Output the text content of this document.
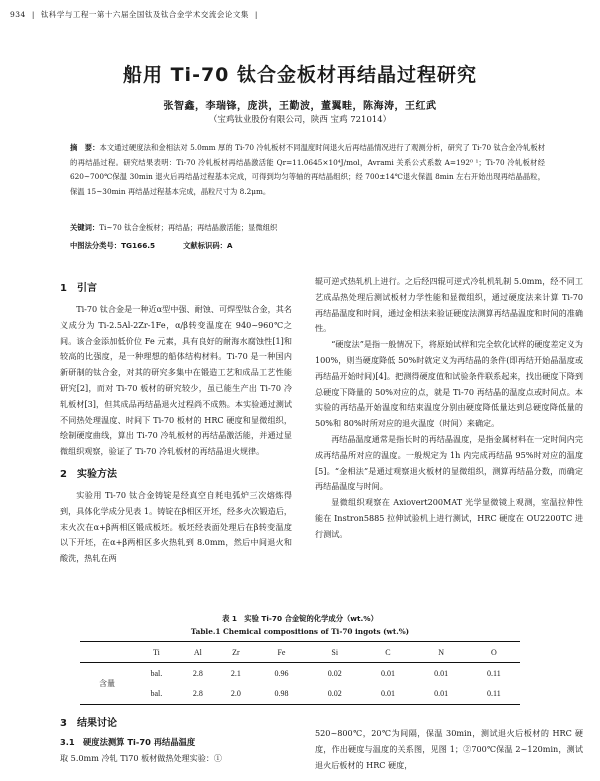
934 | 钛科学与工程一第十六届全国钛及钛合金学术交流会论文集 |
船用 Ti-70 钛合金板材再结晶过程研究
张智鑫，李瑞锋，庞洪，王勤波，董翼畦，陈海涛，王红武
（宝鸡钛业股份有限公司，陕西 宝鸡 721014）
摘　要：本文通过硬度法和金相法对 5.0mm 厚的 Ti-70 冷轧板材不同温度时间退火后再结晶情况进行了观测分析，研究了 Ti-70 钛合金冷轧板材的再结晶过程。研究结果表明：Ti-70 冷轧板材再结晶激活能 Qr=11.0645×10⁴J/mol，Avrami 关系公式系数 A=192⁰ ¹；Ti-70 冷轧板材经 620~700℃保温 30min 退火后再结晶过程基本完成，可得到均匀等轴的再结晶组织；经 700±14℃退火保温 8min 左右开始出现再结晶晶粒，保温 15~30min 再结晶过程基本完成，晶粒尺寸为 8.2μm。
关键词：Ti~70 钛合金板材；再结晶；再结晶激活能；显微组织
中图法分类号：TG166.5	文献标识码：A
1　引言

Ti-70 钛合金是一种近α型中强、耐蚀、可焊型钛合金，其名义成分为 Ti-2.5Al-2Zr-1Fe，α/β转变温度在 940~960℃之间。该合金添加低价位 Fe 元素，具有良好的耐海水腐蚀性[1]和较高的比强度，是一种理想的船体结构材料。Ti-70 是一种国内新研制的钛合金，对其的研究多集中在锻造工艺和成品工艺性能研究[2]，而对 Ti-70 板材的研究较少，虽已能生产出 Ti-70 冷轧板材[3]，但其成品再结晶退火过程尚不成熟。本实验通过测试不同热处理温度、时间下 Ti-70 板材的 HRC 硬度和显微组织，绘制硬度曲线，算出 Ti-70 冷轧板材的再结晶激活能，并通过显微组织观察，验证了 Ti-70 冷轧板材的再结晶退火规律。

2　实验方法

实验用 Ti-70 钛合金铸锭是经真空自耗电弧炉三次熔炼得到，具体化学成分见表 1。铸锭在β相区开坯，经多火次锻造后，末火次在α+β两相区锻成板坯。板坯经表面处理后在β转变温度以下开坯，在α+β两相区多火热轧到 8.0mm，然后中间退火和酸洗，热轧在两

辊可逆式热轧机上进行。之后经四辊可逆式冷轧机轧制 5.0mm，经不同工艺成品热处理后测试板材力学性能和显微组织，通过硬度法来计算 Ti-70 再结晶温度和时间，通过金相法来验证硬度法测算再结晶温度和时间的准确性。

“硬度法”是指一般情况下，将原始试样和完全软化试样的硬度差定义为 100%，则当硬度降低 50%时就定义为再结晶的条件(即再结开始晶温度或再结晶开始时间)[4]。把测得硬度值和试验条件联系起来，找出硬度下降到总硬度下降量的 50%对应的点，就是 Ti-70 再结晶的温度点或时间点。本实验的再结晶开始温度和结束温度分别由硬度降低量达到总硬度降低量的 50%和 80%时所对应的退火温度（时间）来确定。

再结晶温度通常是指长时的再结晶温度，是指金属材料在一定时间内完成再结晶所对应的温度。一般规定为 1h 内完成再结晶 95%时对应的温度[5]。“金相法”是通过观察退火板材的显微组织，测算再结晶分数，而确定再结晶温度与时间。

显微组织观察在 Axiovert200MAT 光学显微镜上观测，室温拉伸性能在 Instron5885 拉伸试验机上进行测试，HRC 硬度在 OU2200TC 进行测试。

表 1　实验 Ti-70 合金锭的化学成分（wt.%）
Table.1 Chemical compositions of Ti-70 ingots (wt.%)
	Ti	Al	Zr	Fe	Si	C	N	O
含量	bal.	2.8	2.1	0.96	0.02	0.01	0.01	0.11
	bal.	2.8	2.0	0.98	0.02	0.01	0.01	0.11
3　结果讨论
3.1　硬度法测算 Ti-70 再结晶温度
取 5.0mm 冷轧 Ti70 板材做热处理实验：①
520~800℃，20℃为间隔，保温 30min，测试退火后板材的 HRC 硬度，作出硬度与温度的关系图，见图 1；②700℃保温 2~120min，测试退火后板材的 HRC 硬度，
